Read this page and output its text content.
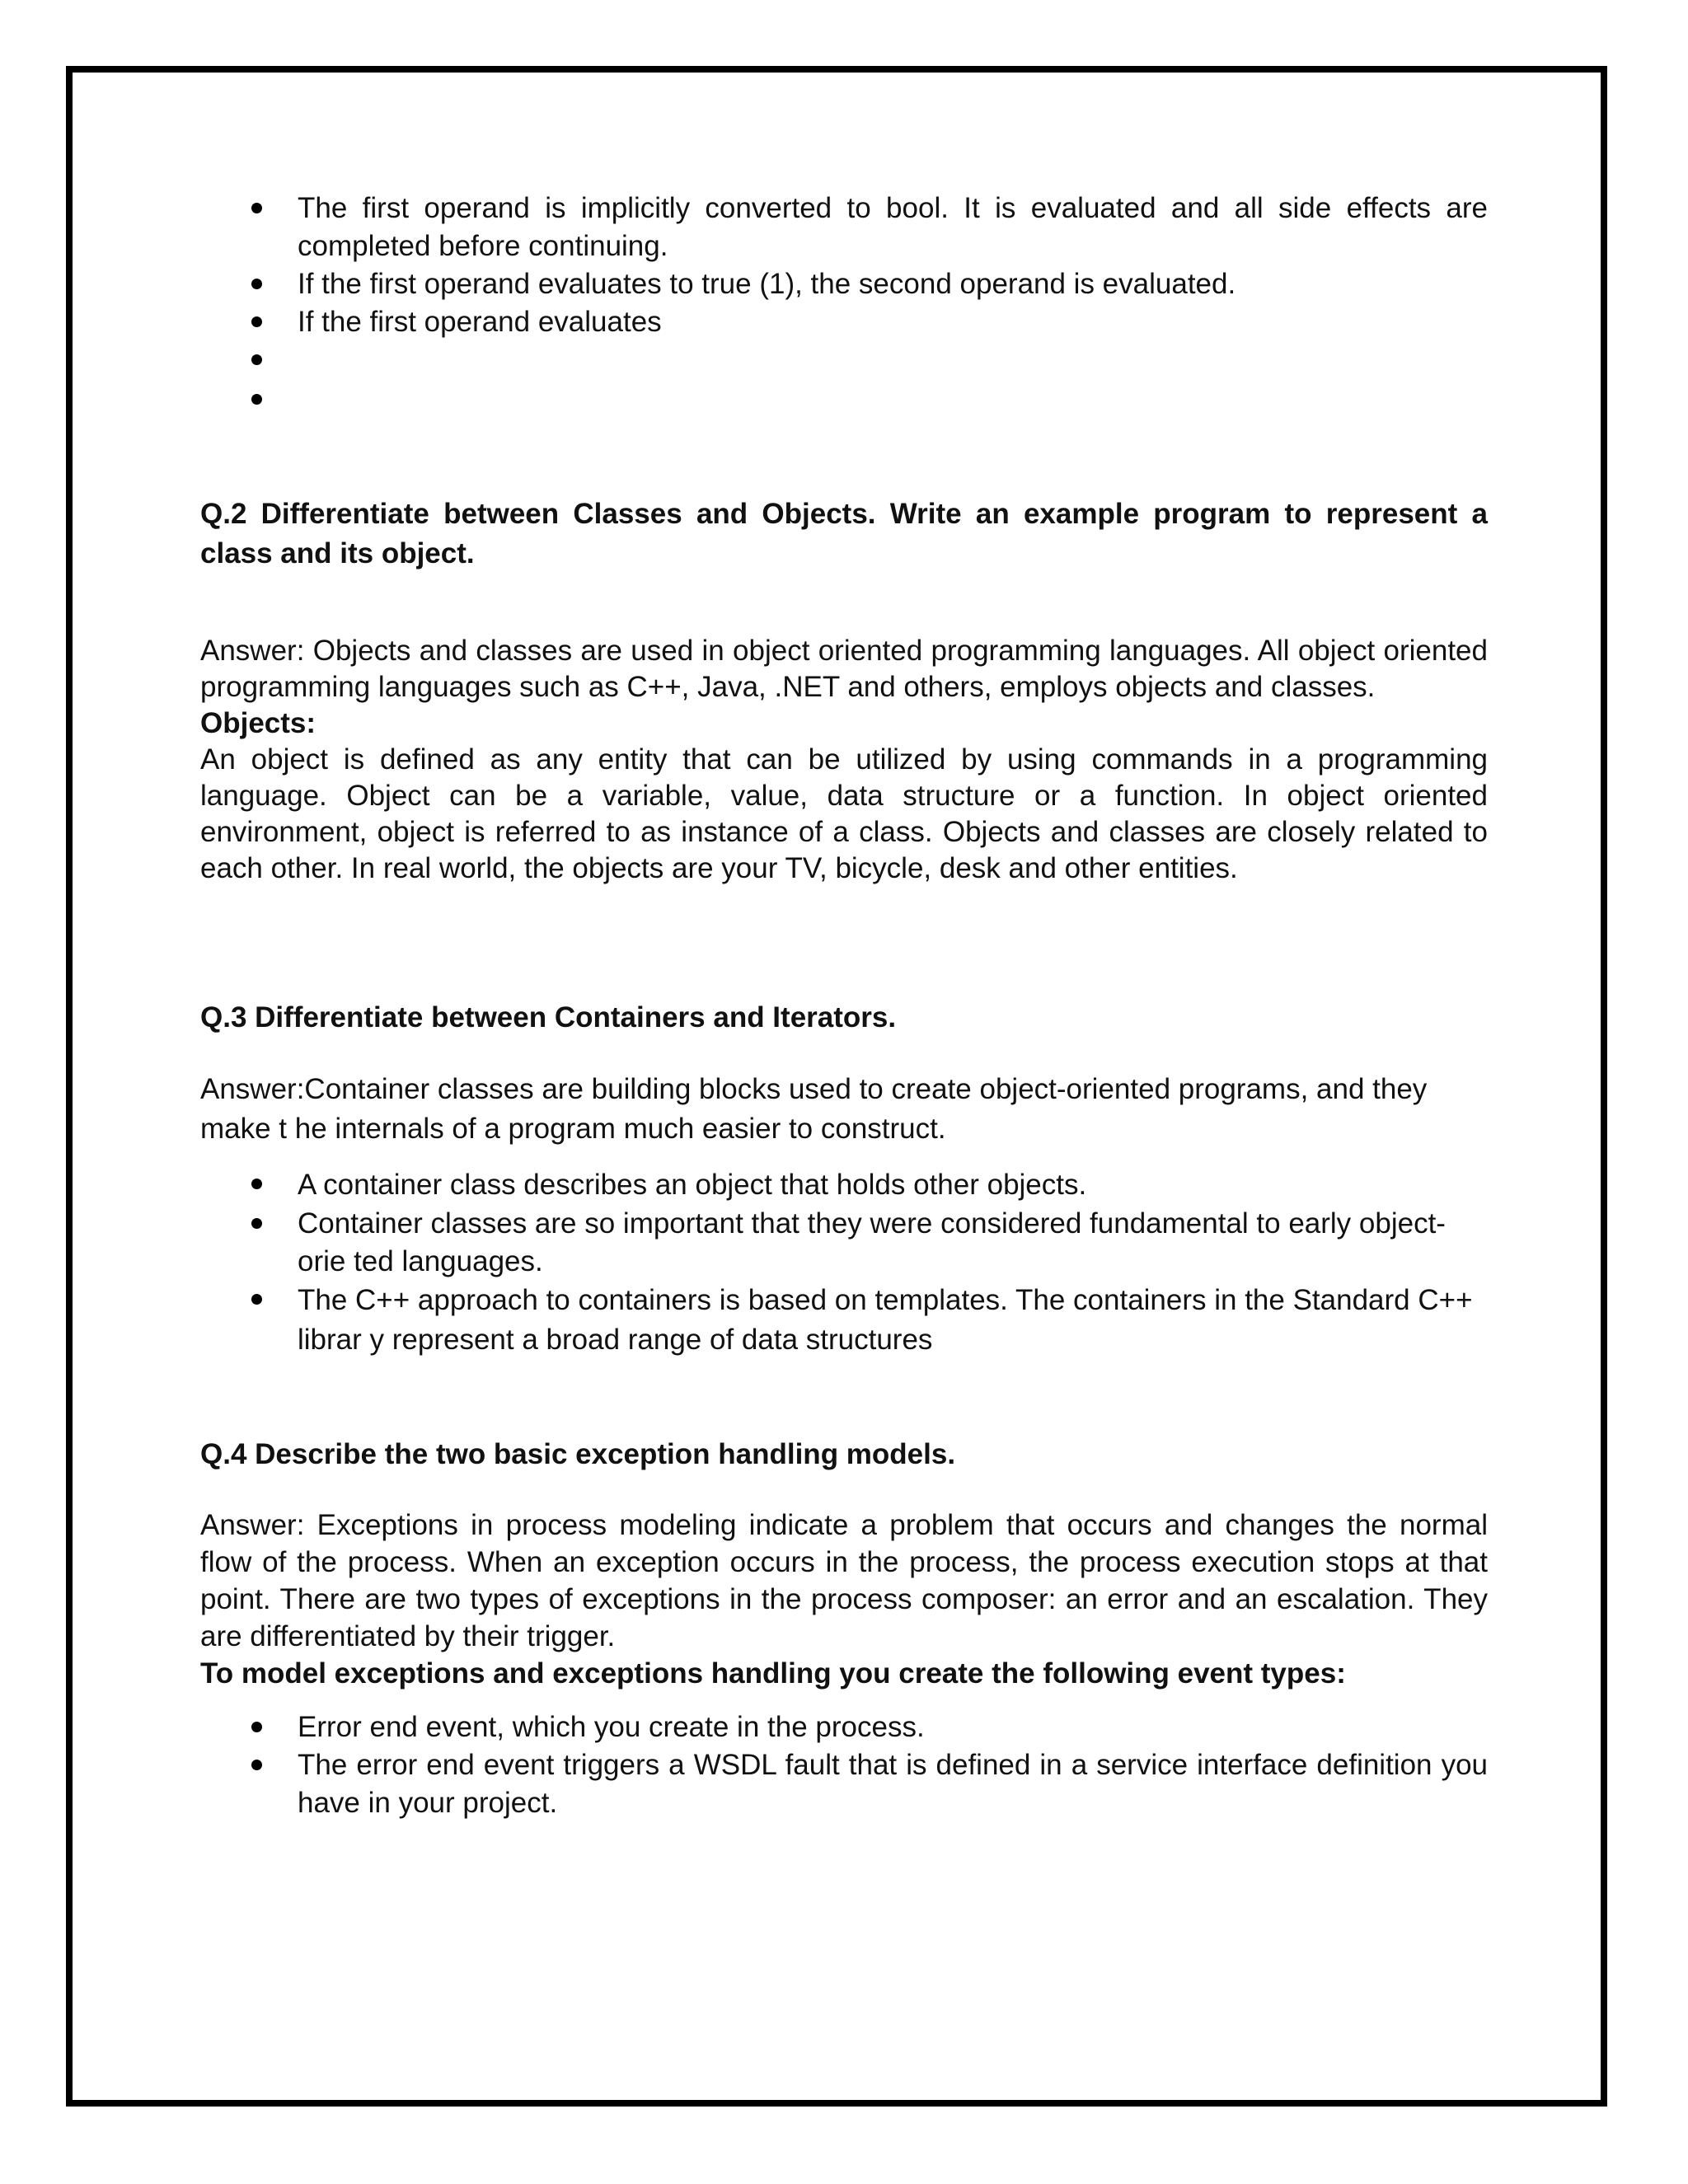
The first operand is implicitly converted to bool. It is evaluated and all side effects are completed before continuing.
If the first operand evaluates to true (1), the second operand is evaluated.
If the first operand evaluates

Q.2 Differentiate between Classes and Objects. Write an example program to represent a class and its object.

Answer: Objects and classes are used in object oriented programming languages. All object oriented programming languages such as C++, Java, .NET and others, employs objects and classes.

Objects:

An object is defined as any entity that can be utilized by using commands in a programming language. Object can be a variable, value, data structure or a function. In object oriented environment, object is referred to as instance of a class. Objects and classes are closely related to each other. In real world, the objects are your TV, bicycle, desk and other entities.

Q.3 Differentiate between Containers and Iterators.

Answer:Container classes are building blocks used to create object-oriented programs, and they make t he internals of a program much easier to construct.

A container class describes an object that holds other objects.
Container classes are so important that they were considered fundamental to early object-orie ted languages.
The C++ approach to containers is based on templates. The containers in the Standard C++ librar y represent a broad range of data structures

Q.4 Describe the two basic exception handling models.

Answer: Exceptions in process modeling indicate a problem that occurs and changes the normal flow of the process. When an exception occurs in the process, the process execution stops at that point. There are two types of exceptions in the process composer: an error and an escalation. They are differentiated by their trigger.

To model exceptions and exceptions handling you create the following event types:

Error end event, which you create in the process.
The error end event triggers a WSDL fault that is defined in a service interface definition you have in your project.
